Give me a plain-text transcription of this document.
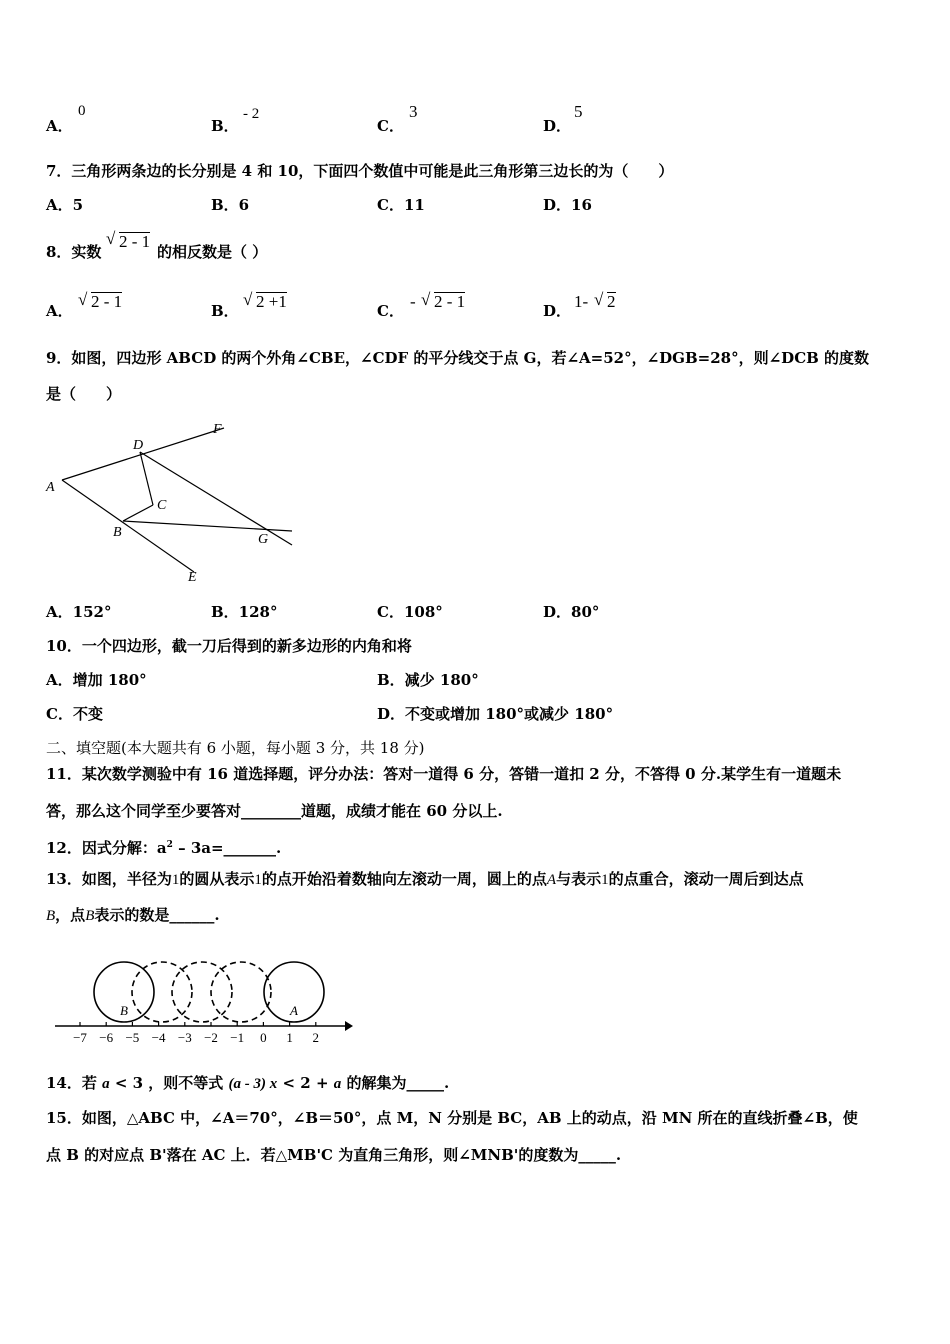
A．
0
B．
- 2
C．
3
D．
5
7．三角形两条边的长分别是 4 和 10，下面四个数值中可能是此三角形第三边长的为（　　）
A．5	B．6	C．11	D．16
8．实数
√ 2 - 1
的相反数是（ ）
A．
√ 2 - 1	B．
√ 2 +1	C． - √ 2 - 1	D． 1- √ 2
9．如图，四边形 ABCD 的两个外角∠CBE，∠CDF 的平分线交于点 G，若∠A=52°，∠DGB=28°，则∠DCB 的度数
是（　　）
A
D
F
C
B	G
E
A．152°	B．128°	C．108°	D．80°
10．一个四边形，截一刀后得到的新多边形的内角和将
A．增加 180°	B．减少 180°
C．不变	D．不变或增加 180°或减少 180°
二、填空题(本大题共有 6 小题，每小题 3 分，共 18 分)
11．某次数学测验中有 16 道选择题，评分办法：答对一道得 6 分，答错一道扣 2 分，不答得 0 分.某学生有一道题未
答，那么这个同学至少要答对________道题，成绩才能在 60 分以上.
12．因式分解：$a^2$ – 3a=_______.
13．如图，半径为1的圆从表示1的点开始沿着数轴向左滚动一周，圆上的点A与表示1的点重合，滚动一周后到达点
B，点B表示的数是______.
−7 −6 −5 −4 −3 −2 −1 0 1 2
B	A
14．若 a < 3 ，则不等式 (a - 3) x < 2 + a 的解集为_____.
15．如图，△ABC 中，∠A＝70°，∠B＝50°，点 M，N 分别是 BC，AB 上的动点，沿 MN 所在的直线折叠∠B，使
点 B 的对应点 B'落在 AC 上．若△MB'C 为直角三角形，则∠MNB'的度数为_____.
